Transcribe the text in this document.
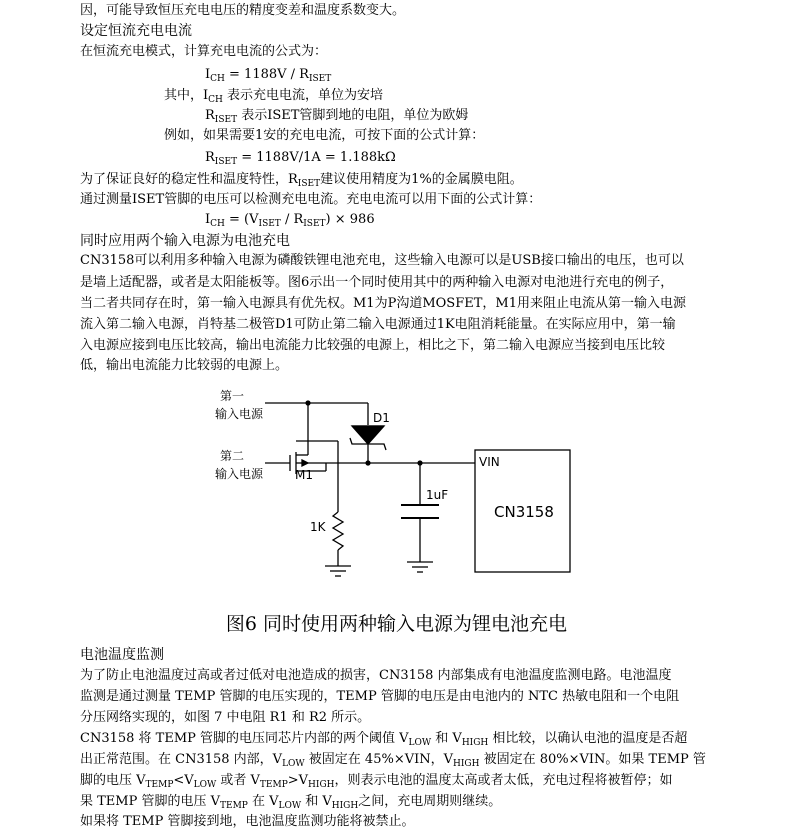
因，可能导致恒压充电电压的精度变差和温度系数变大。
设定恒流充电电流
在恒流充电模式，计算充电电流的公式为：
$I_{CH} = 1188V / R_{ISET}$
其中，$I_{CH}$ 表示充电电流，单位为安培
$R_{ISET}$ 表示ISET管脚到地的电阻，单位为欧姆
例如，如果需要1安的充电电流，可按下面的公式计算：
$R_{ISET} = 1188V/1A = 1.188k\Omega$
为了保证良好的稳定性和温度特性，$R_{ISET}$建议使用精度为1%的金属膜电阻。
通过测量ISET管脚的电压可以检测充电电流。充电电流可以用下面的公式计算：
$I_{CH} = (V_{ISET} / R_{ISET}) \times 986$
同时应用两个输入电源为电池充电
CN3158可以利用多种输入电源为磷酸铁锂电池充电，这些输入电源可以是USB接口输出的电压，也可以
是墙上适配器，或者是太阳能板等。图6示出一个同时使用其中的两种输入电源对电池进行充电的例子，
当二者共同存在时，第一输入电源具有优先权。M1为P沟道MOSFET，M1用来阻止电流从第一输入电源
流入第二输入电源，肖特基二极管D1可防止第二输入电源通过1K电阻消耗能量。在实际应用中，第一输
入电源应接到电压比较高，输出电流能力比较强的电源上，相比之下，第二输入电源应当接到电压比较
低，输出电流能力比较弱的电源上。
第一
输入电源
第二
输入电源
D1
M1
1K
1uF
VIN
CN3158
图6 同时使用两种输入电源为锂电池充电
电池温度监测
为了防止电池温度过高或者过低对电池造成的损害，CN3158 内部集成有电池温度监测电路。电池温度
监测是通过测量 TEMP 管脚的电压实现的，TEMP 管脚的电压是由电池内的 NTC 热敏电阻和一个电阻
分压网络实现的，如图 7 中电阻 R1 和 R2 所示。
CN3158 将 TEMP 管脚的电压同芯片内部的两个阈值 $V_{LOW}$ 和 $V_{HIGH}$ 相比较，以确认电池的温度是否超
出正常范围。在 CN3158 内部，$V_{LOW}$ 被固定在 45%×VIN，$V_{HIGH}$ 被固定在 80%×VIN。如果 TEMP 管
脚的电压 $V_{TEMP}<V_{LOW}$ 或者 $V_{TEMP}>V_{HIGH}$，则表示电池的温度太高或者太低，充电过程将被暂停；如
果 TEMP 管脚的电压 $V_{TEMP}$ 在 $V_{LOW}$ 和 $V_{HIGH}$之间，充电周期则继续。
如果将 TEMP 管脚接到地，电池温度监测功能将被禁止。
